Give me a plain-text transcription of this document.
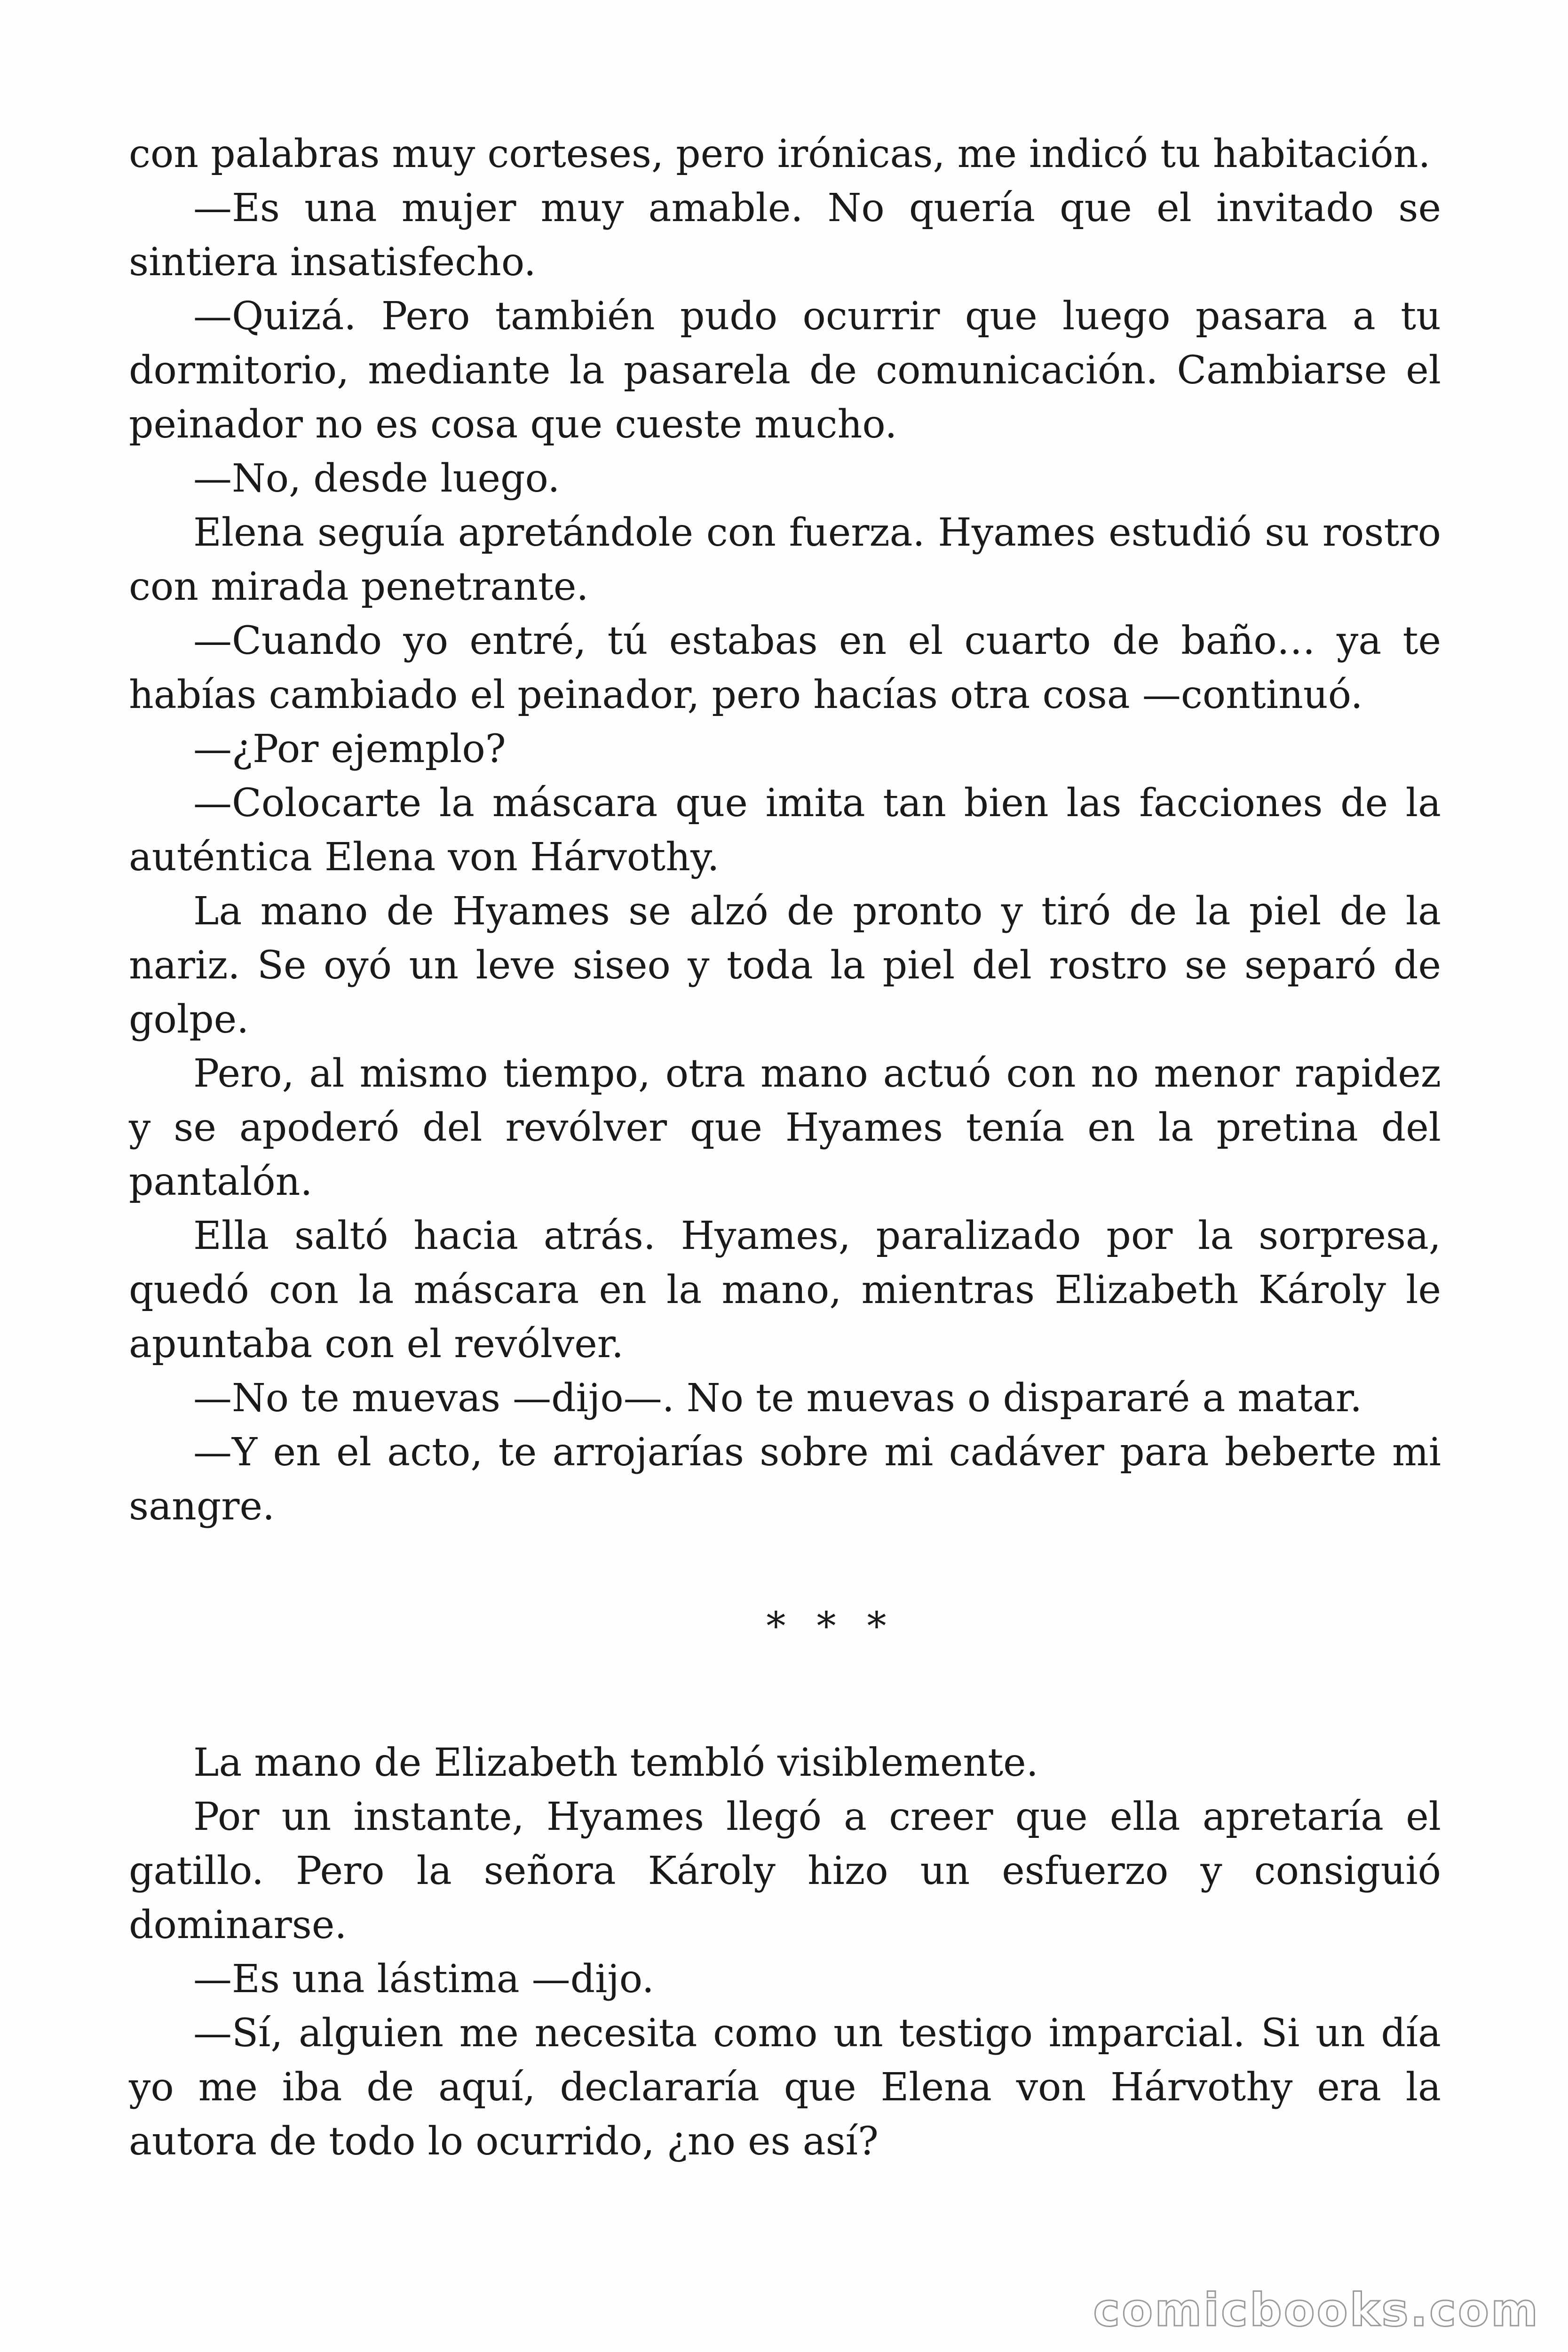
con palabras muy corteses, pero irónicas, me indicó tu habitación.

—Es una mujer muy amable. No quería que el invitado se sintiera insatisfecho.

—Quizá. Pero también pudo ocurrir que luego pasara a tu dormitorio, mediante la pasarela de comunicación. Cambiarse el peinador no es cosa que cueste mucho.

—No, desde luego.

Elena seguía apretándole con fuerza. Hyames estudió su rostro con mirada penetrante.

—Cuando yo entré, tú estabas en el cuarto de baño… ya te habías cambiado el peinador, pero hacías otra cosa —continuó.

—¿Por ejemplo?

—Colocarte la máscara que imita tan bien las facciones de la auténtica Elena von Hárvothy.

La mano de Hyames se alzó de pronto y tiró de la piel de la nariz. Se oyó un leve siseo y toda la piel del rostro se separó de golpe.

Pero, al mismo tiempo, otra mano actuó con no menor rapidez y se apoderó del revólver que Hyames tenía en la pretina del pantalón.

Ella saltó hacia atrás. Hyames, paralizado por la sorpresa, quedó con la máscara en la mano, mientras Elizabeth Károly le apuntaba con el revólver.

—No te muevas —dijo—. No te muevas o dispararé a matar.

—Y en el acto, te arrojarías sobre mi cadáver para beberte mi sangre.

* * *

La mano de Elizabeth tembló visiblemente.

Por un instante, Hyames llegó a creer que ella apretaría el gatillo. Pero la señora Károly hizo un esfuerzo y consiguió dominarse.

—Es una lástima —dijo.

—Sí, alguien me necesita como un testigo imparcial. Si un día yo me iba de aquí, declararía que Elena von Hárvothy era la autora de todo lo ocurrido, ¿no es así?

comicbooks.com
